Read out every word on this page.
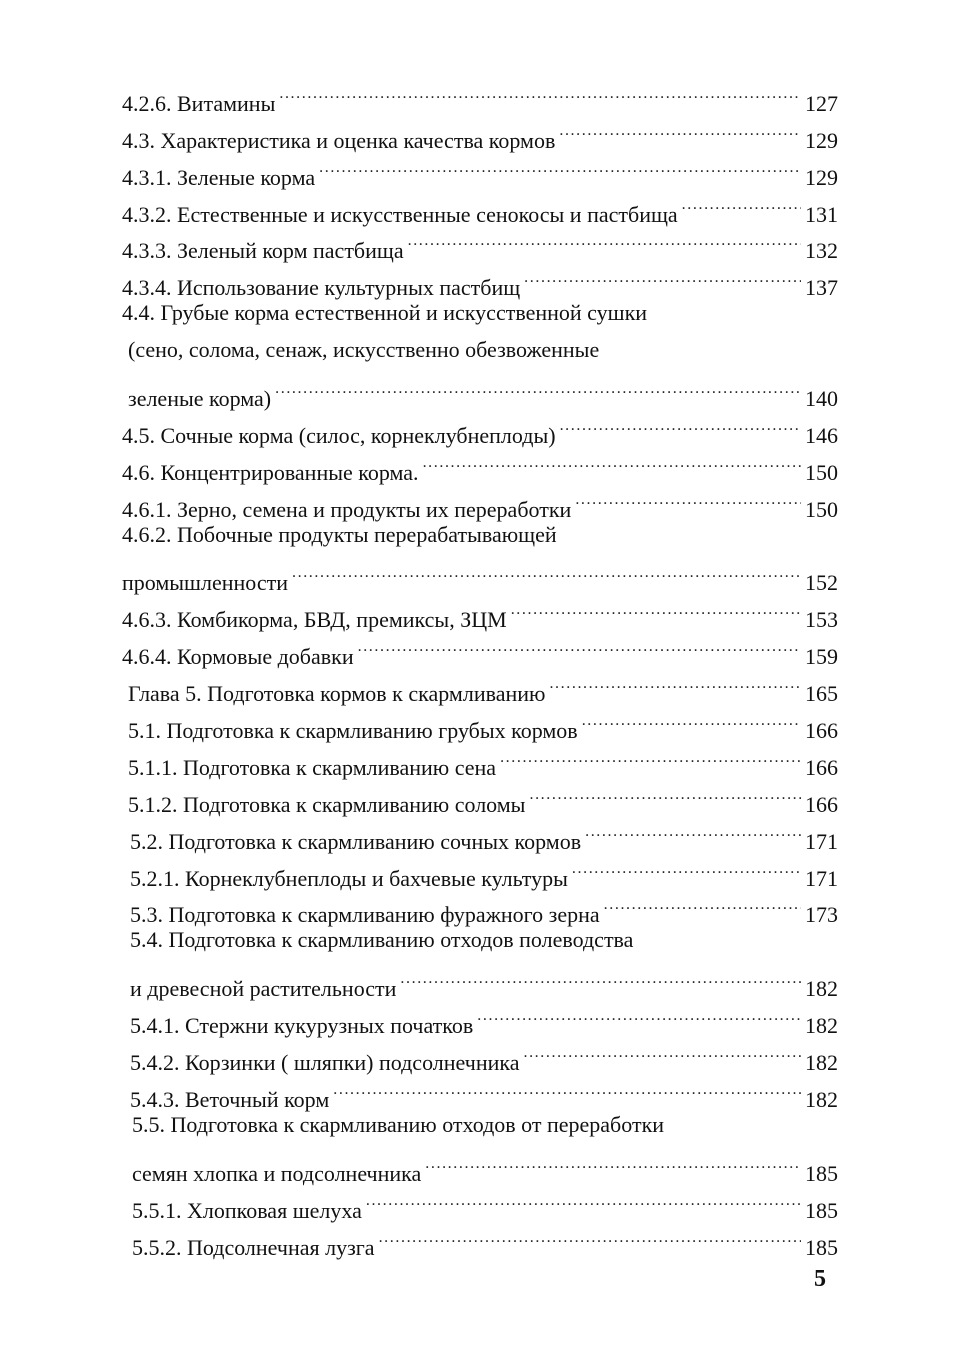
4.2.6. Витамины .....	127
4.3. Характеристика и оценка качества кормов .....	129
4.3.1. Зеленые корма .....	129
4.3.2. Естественные и искусственные сенокосы и пастбища .....	131
4.3.3. Зеленый корм пастбища .....	132
4.3.4. Использование культурных пастбищ .....	137
4.4. Грубые корма естественной и искусственной сушки
(сено, солома, сенаж, искусственно обезвоженные
зеленые корма) .....	140
4.5. Сочные корма (силос, корнеклубнеплоды) .....	146
4.6. Концентрированные корма. .....	150
4.6.1. Зерно, семена и продукты их переработки .....	150
4.6.2. Побочные продукты перерабатывающей
промышленности .....	152
4.6.3. Комбикорма, БВД, премиксы, ЗЦМ .....	153
4.6.4. Кормовые добавки .....	159
Глава 5. Подготовка кормов к скармливанию .....	165
5.1. Подготовка к скармливанию грубых кормов .....	166
5.1.1. Подготовка к скармливанию сена .....	166
5.1.2. Подготовка к скармливанию соломы .....	166
5.2. Подготовка к скармливанию сочных кормов .....	171
5.2.1. Корнеклубнеплоды и бахчевые культуры .....	171
5.3. Подготовка к скармливанию фуражного зерна .....	173
5.4. Подготовка к скармливанию отходов полеводства
и древесной растительности .....	182
5.4.1. Стержни кукурузных початков .....	182
5.4.2. Корзинки ( шляпки) подсолнечника .....	182
5.4.3. Веточный корм .....	182
5.5. Подготовка к скармливанию отходов от переработки
семян хлопка и подсолнечника .....	185
5.5.1. Хлопковая шелуха .....	185
5.5.2. Подсолнечная лузга .....	185
5
